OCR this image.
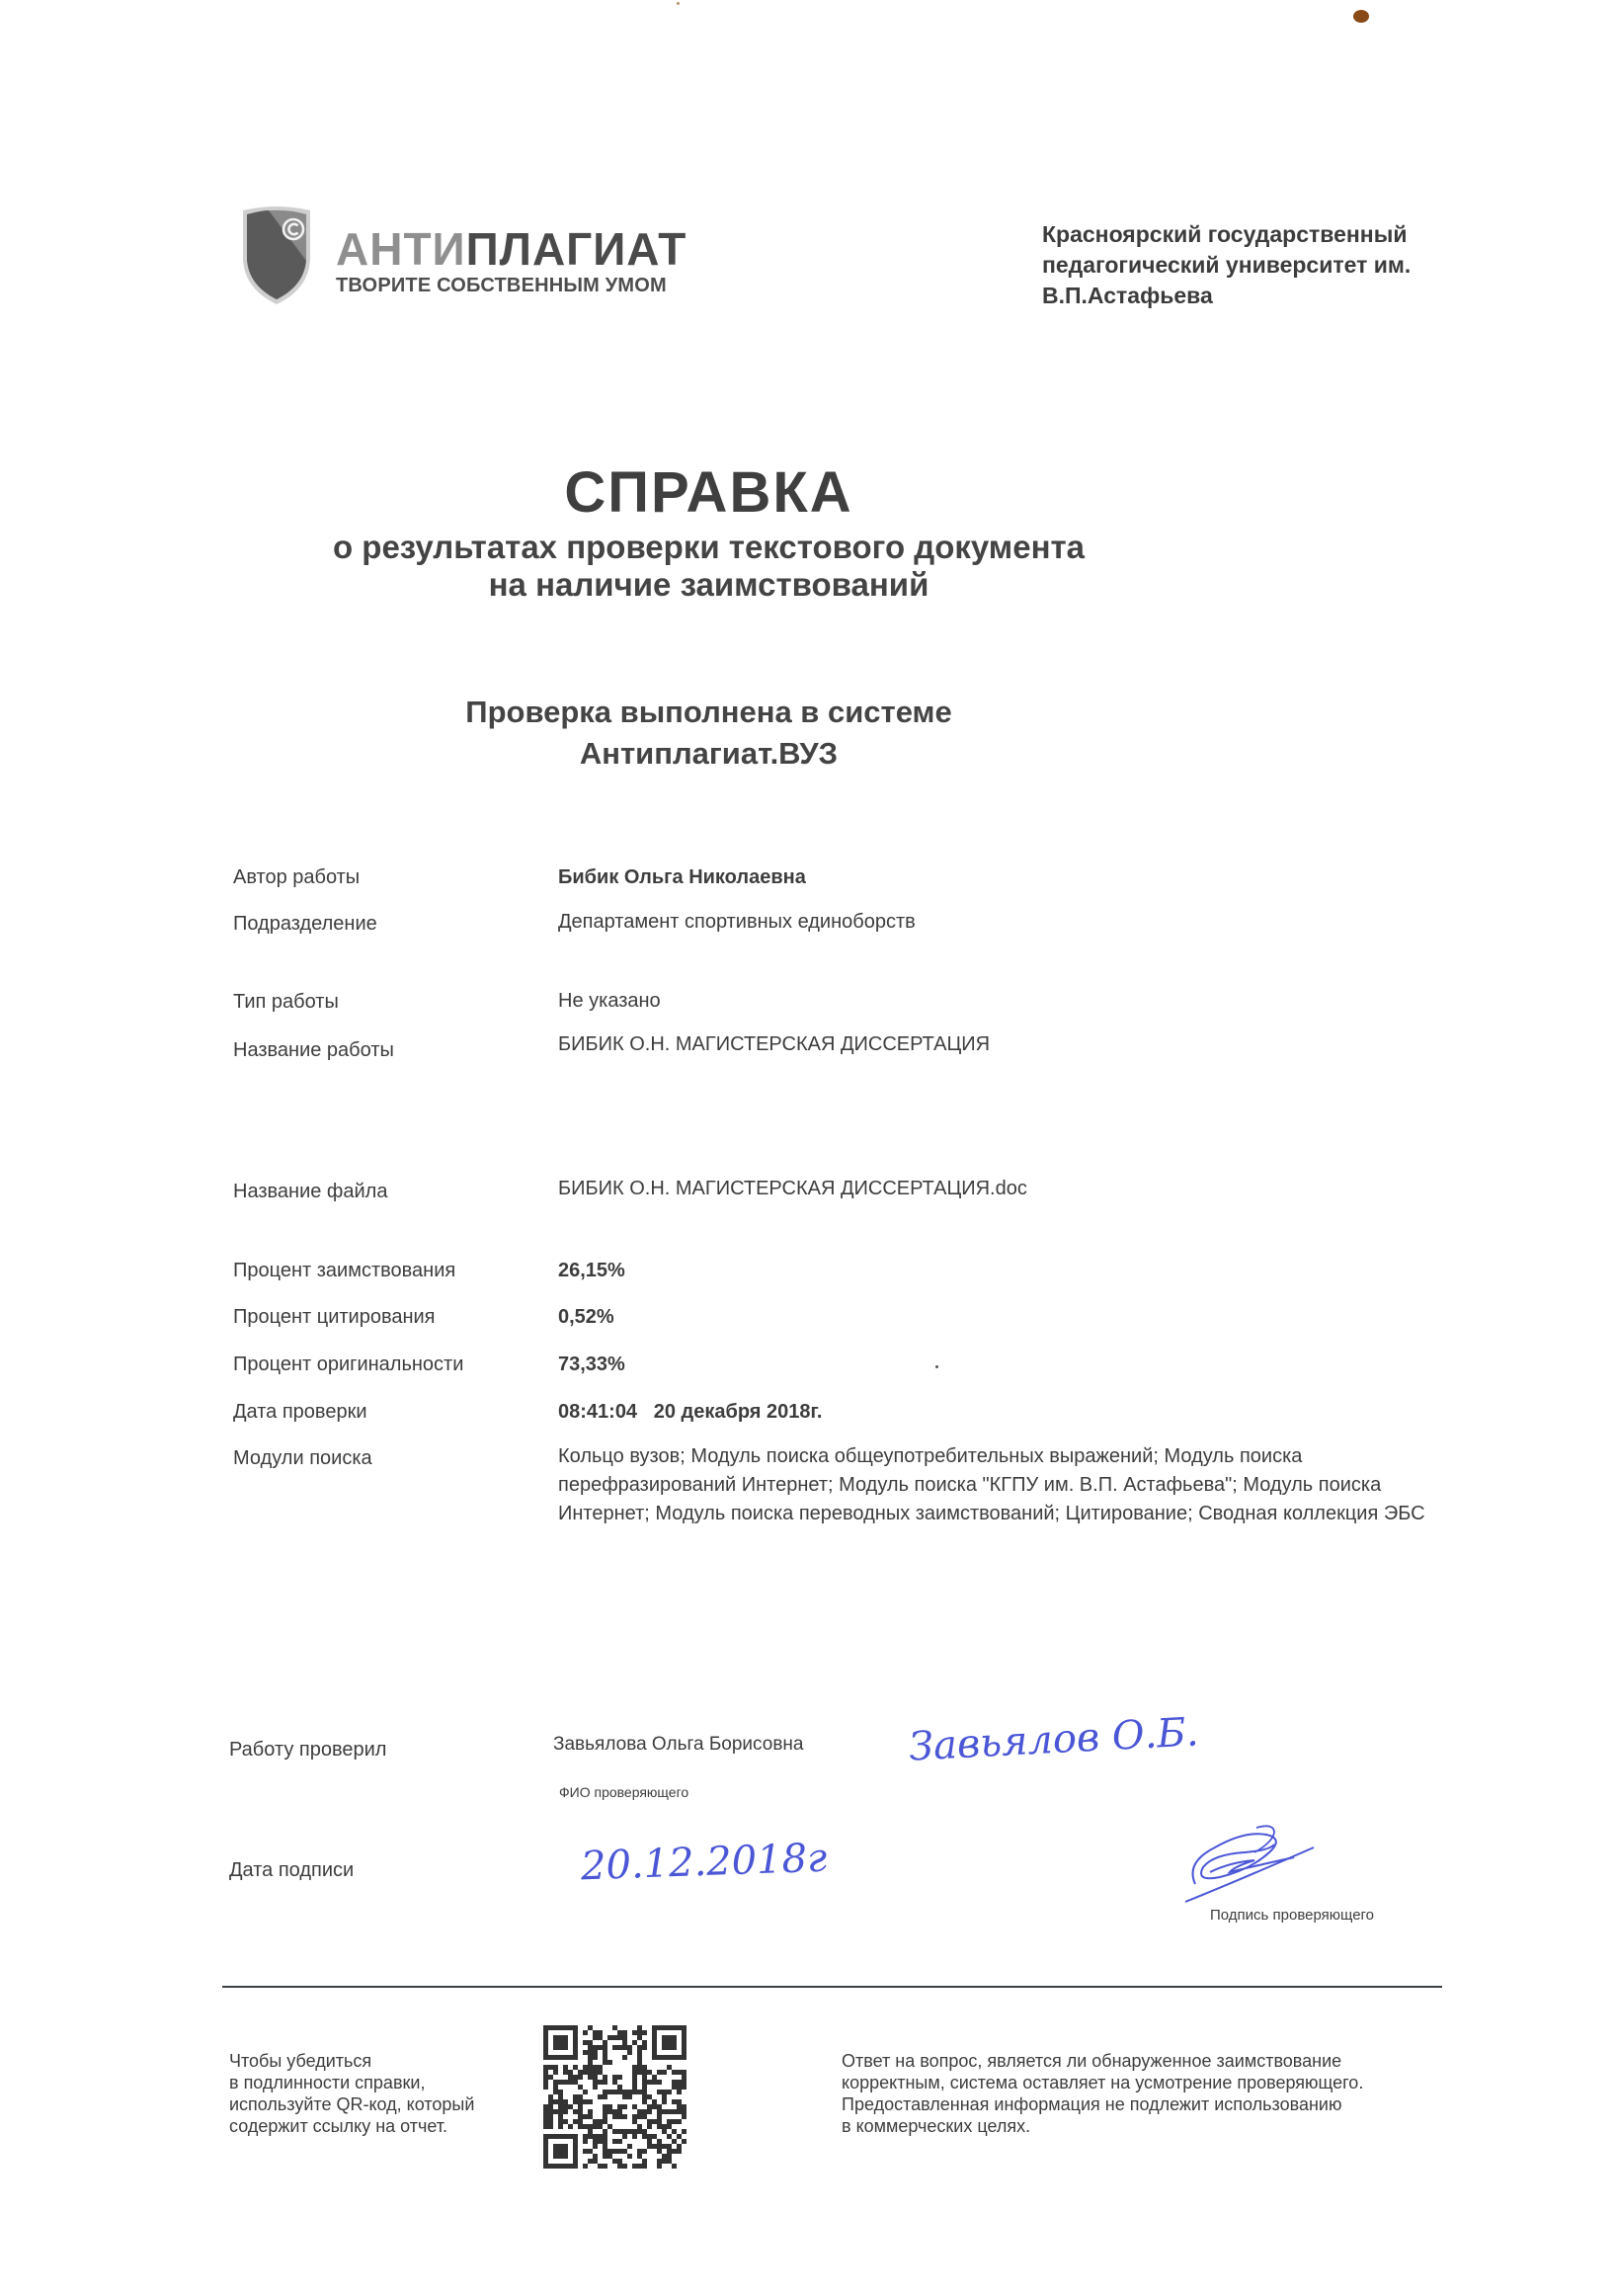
АНТИПЛАГИАТ
ТВОРИТЕ СОБСТВЕННЫМ УМОМ
Красноярский государственный
педагогический университет им.
В.П.Астафьева
СПРАВКА
о результатах проверки текстового документа
на наличие заимствований
Проверка выполнена в системе
Антиплагиат.ВУЗ
Автор работы	Бибик Ольга Николаевна
Подразделение	Департамент спортивных единоборств
Тип работы	Не указано
Название работы	БИБИК О.Н. МАГИСТЕРСКАЯ ДИССЕРТАЦИЯ
Название файла	БИБИК О.Н. МАГИСТЕРСКАЯ ДИССЕРТАЦИЯ.doc
Процент заимствования	26,15%
Процент цитирования	0,52%
Процент оригинальности	73,33%
Дата проверки	08:41:04   20 декабря 2018г.
Модули поиска	Кольцо вузов; Модуль поиска общеупотребительных выражений; Модуль поиска перефразирований Интернет; Модуль поиска "КГПУ им. В.П. Астафьева"; Модуль поиска Интернет; Модуль поиска переводных заимствований; Цитирование; Сводная коллекция ЭБС
Работу проверил	Завьялова Ольга Борисовна	Завьялов О.Б.
ФИО проверяющего
Дата подписи	20.12.2018г
Подпись проверяющего
Чтобы убедиться
в подлинности справки,
используйте QR-код, который
содержит ссылку на отчет.
Ответ на вопрос, является ли обнаруженное заимствование
корректным, система оставляет на усмотрение проверяющего.
Предоставленная информация не подлежит использованию
в коммерческих целях.
